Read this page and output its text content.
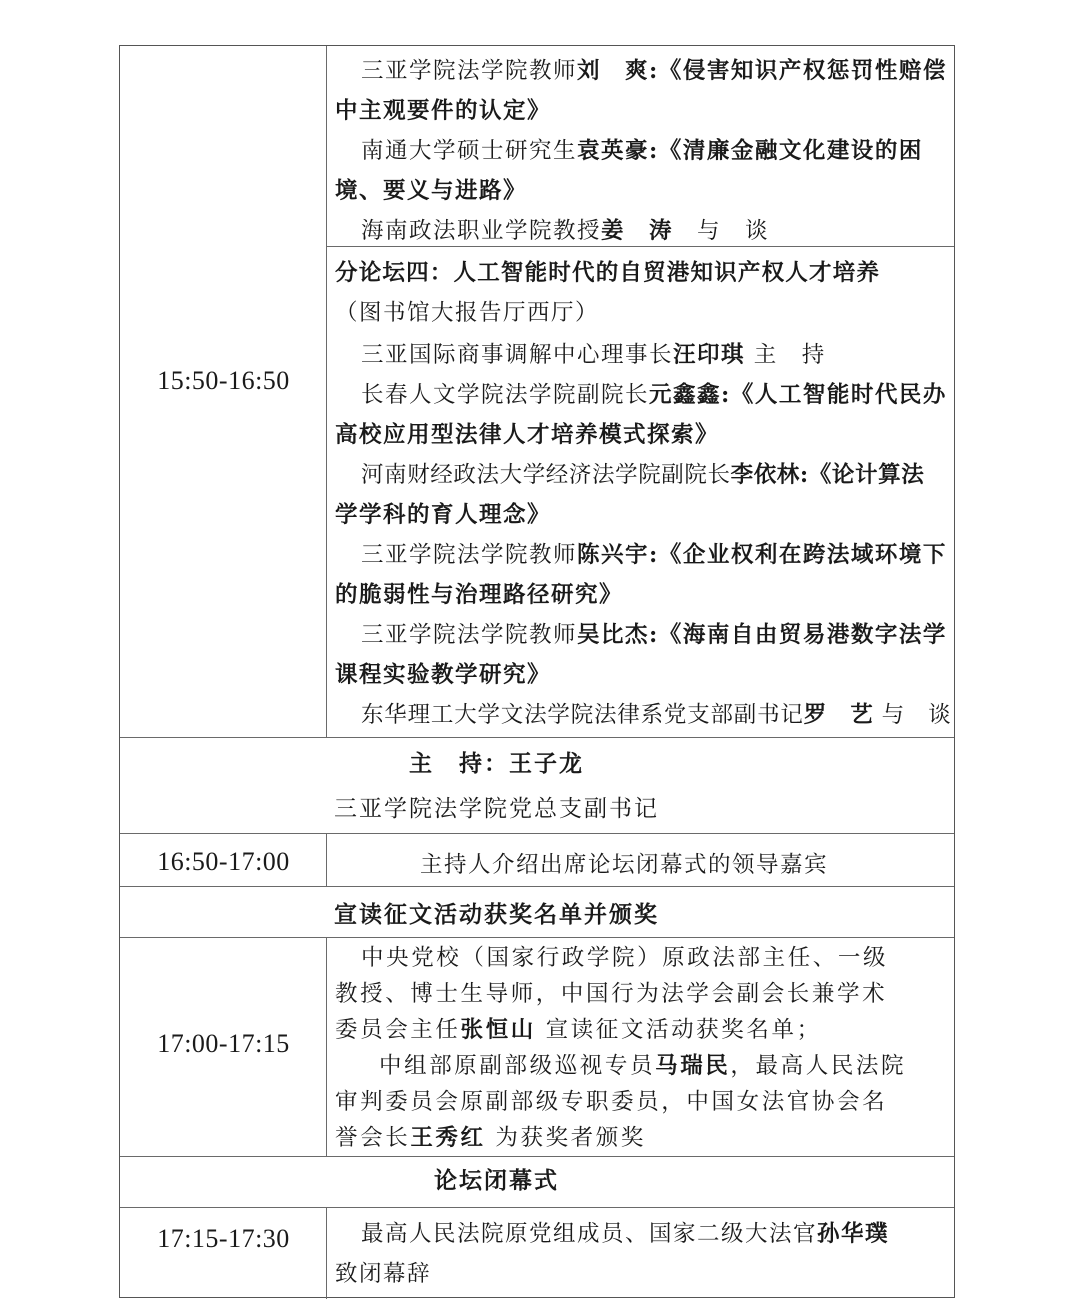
15:50-16:50
三亚学院法学院教师刘　爽:《侵害知识产权惩罚性赔偿
中主观要件的认定》
南通大学硕士研究生袁英豪:《清廉金融文化建设的困
境、要义与进路》
海南政法职业学院教授姜　涛　 与　谈
分论坛四：人工智能时代的自贸港知识产权人才培养
（图书馆大报告厅西厅）
三亚国际商事调解中心理事长汪印琪 主　持
长春人文学院法学院副院长元鑫鑫:《人工智能时代民办
高校应用型法律人才培养模式探索》
河南财经政法大学经济法学院副院长李依林:《论计算法
学学科的育人理念》
三亚学院法学院教师陈兴宇:《企业权利在跨法域环境下
的脆弱性与治理路径研究》
三亚学院法学院教师吴比杰:《海南自由贸易港数字法学
课程实验教学研究》
东华理工大学文法学院法律系党支部副书记罗　艺 与　谈
主　持：王子龙
三亚学院法学院党总支副书记
16:50-17:00	主持人介绍出席论坛闭幕式的领导嘉宾
宣读征文活动获奖名单并颁奖
17:00-17:15
中央党校（国家行政学院）原政法部主任、一级
教授、博士生导师，中国行为法学会副会长兼学术
委员会主任张恒山 宣读征文活动获奖名单；
中组部原副部级巡视专员马瑞民，最高人民法院
审判委员会原副部级专职委员，中国女法官协会名
誉会长王秀红 为获奖者颁奖
论坛闭幕式
17:15-17:30	最高人民法院原党组成员、国家二级大法官孙华璞
致闭幕辞
